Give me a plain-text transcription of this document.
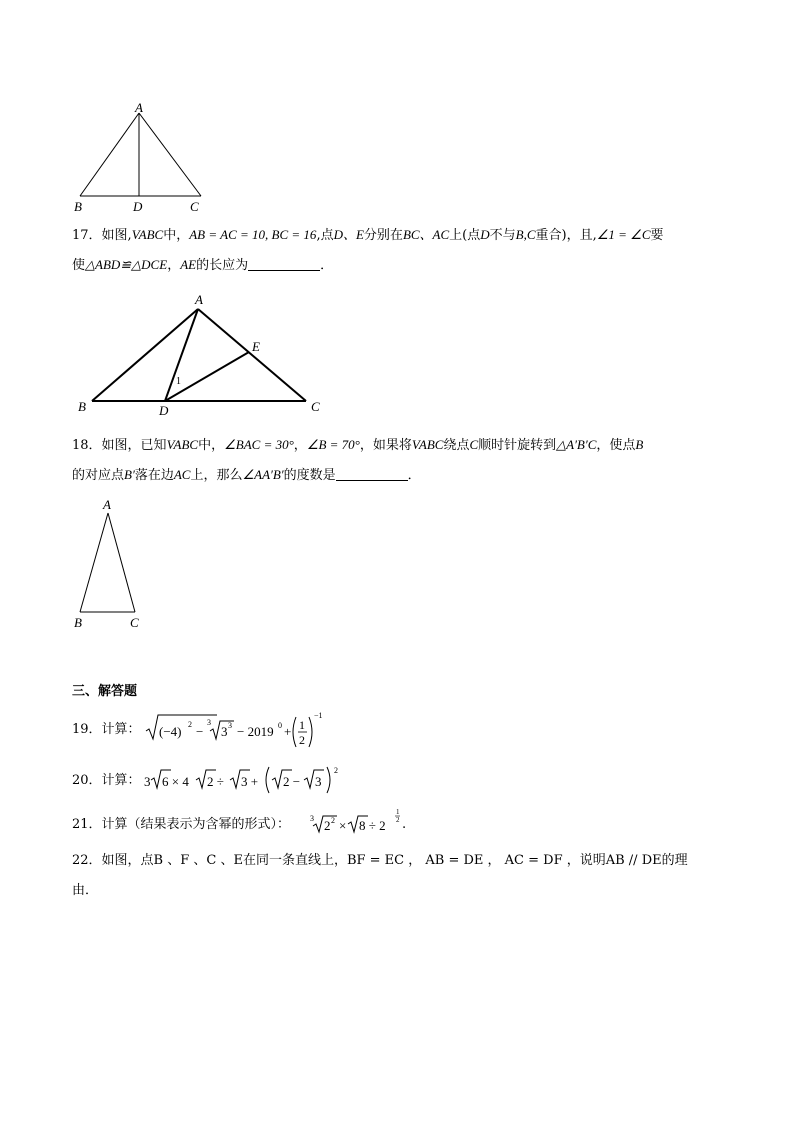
A
B	D	C
17．如图,VABC中，AB = AC = 10, BC = 16,点D、E分别在BC、AC上(点D不与B,C重合)，且,∠1 = ∠C要
使△ABD≌△DCE，AE的长应为	．
A
B	D	C
E
1
18．如图，已知VABC中，∠BAC = 30°，∠B = 70°，如果将VABC绕点C顺时针旋转到△A′B′C，使点B
的对应点B′落在边AC上，那么∠AA′B′的度数是	．
A
B	C
三、解答题
19．计算： (−4) 2 −
3
3 3 − 2019 0 + 1
2
−1
20．计算： 3 6 × 4 2 ÷ 3 + 2 − 3
2
21．计算（结果表示为含幂的形式）： 3 2 2 × 8 ÷ 2
1
2 .
22．如图，点B 、F 、C 、E在同一条直线上，BF = EC ， AB = DE ， AC = DF ，说明AB // DE的理
由．
